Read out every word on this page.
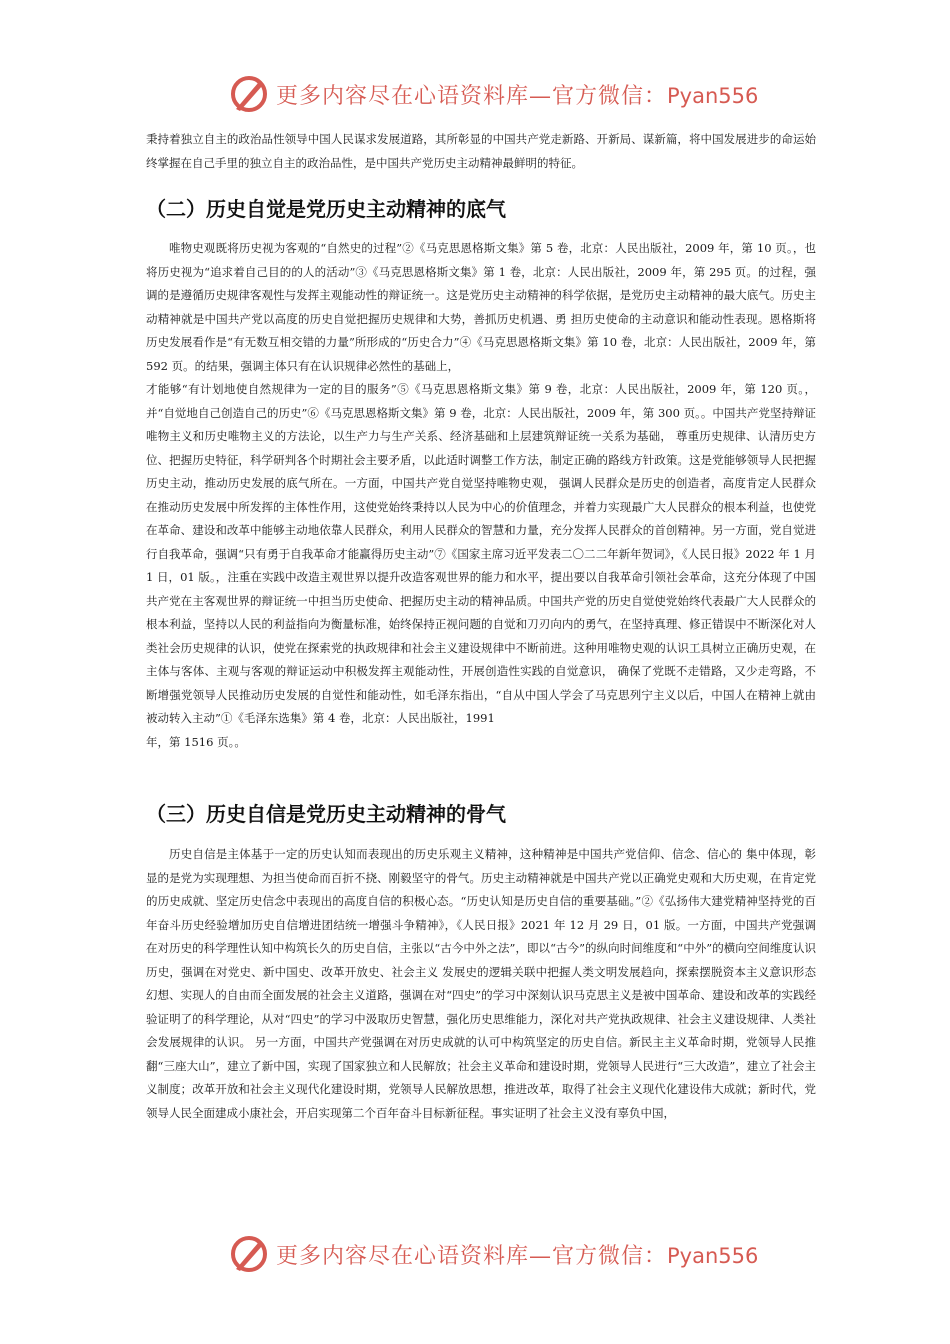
更多内容尽在心语资料库—官方微信：Pyan556

秉持着独立自主的政治品性领导中国人民谋求发展道路，其所彰显的中国共产党走新路、开新局、谋新篇，将中国发展进步的命运始终掌握在自己手里的独立自主的政治品性，是中国共产党历史主动精神最鲜明的特征。

（二）历史自觉是党历史主动精神的底气

唯物史观既将历史视为客观的“自然史的过程”②《马克思恩格斯文集》第 5 卷，北京：人民出版社，2009 年，第 10 页。，也将历史视为“追求着自己目的的人的活动”③《马克思恩格斯文集》第 1 卷，北京：人民出版社，2009 年，第 295 页。的过程，强调的是遵循历史规律客观性与发挥主观能动性的辩证统一。这是党历史主动精神的科学依据，是党历史主动精神的最大底气。历史主动精神就是中国共产党以高度的历史自觉把握历史规律和大势，善抓历史机遇、勇 担历史使命的主动意识和能动性表现。恩格斯将历史发展看作是“有无数互相交错的力量”所形成的“历史合力”④《马克思恩格斯文集》第 10 卷，北京：人民出版社，2009 年，第 592 页。的结果，强调主体只有在认识规律必然性的基础上，

才能够“有计划地使自然规律为一定的目的服务”⑤《马克思恩格斯文集》第 9 卷，北京：人民出版社，2009 年，第 120 页。，并“自觉地自己创造自己的历史”⑥《马克思恩格斯文集》第 9 卷，北京：人民出版社，2009 年，第 300 页。。中国共产党坚持辩证唯物主义和历史唯物主义的方法论，以生产力与生产关系、经济基础和上层建筑辩证统一关系为基础， 尊重历史规律、认清历史方位、把握历史特征，科学研判各个时期社会主要矛盾，以此适时调整工作方法，制定正确的路线方针政策。这是党能够领导人民把握历史主动，推动历史发展的底气所在。一方面，中国共产党自觉坚持唯物史观， 强调人民群众是历史的创造者，高度肯定人民群众在推动历史发展中所发挥的主体性作用，这使党始终秉持以人民为中心的价值理念，并着力实现最广大人民群众的根本利益，也使党在革命、建设和改革中能够主动地依靠人民群众，利用人民群众的智慧和力量，充分发挥人民群众的首创精神。另一方面，党自觉进行自我革命，强调“只有勇于自我革命才能赢得历史主动”⑦《国家主席习近平发表二〇二二年新年贺词》，《人民日报》2022 年 1 月 1 日，01 版。，注重在实践中改造主观世界以提升改造客观世界的能力和水平，提出要以自我革命引领社会革命，这充分体现了中国共产党在主客观世界的辩证统一中担当历史使命、把握历史主动的精神品质。中国共产党的历史自觉使党始终代表最广大人民群众的根本利益，坚持以人民的利益指向为衡量标准，始终保持正视问题的自觉和刀刃向内的勇气，在坚持真理、修正错误中不断深化对人类社会历史规律的认识，使党在探索党的执政规律和社会主义建设规律中不断前进。这种用唯物史观的认识工具树立正确历史观，在主体与客体、主观与客观的辩证运动中积极发挥主观能动性，开展创造性实践的自觉意识， 确保了党既不走错路，又少走弯路，不断增强党领导人民推动历史发展的自觉性和能动性，如毛泽东指出，“自从中国人学会了马克思列宁主义以后，中国人在精神上就由被动转入主动”①《毛泽东选集》第 4 卷，北京：人民出版社，1991

年，第 1516 页。。

（三）历史自信是党历史主动精神的骨气

历史自信是主体基于一定的历史认知而表现出的历史乐观主义精神，这种精神是中国共产党信仰、信念、信心的 集中体现，彰显的是党为实现理想、为担当使命而百折不挠、刚毅坚守的骨气。历史主动精神就是中国共产党以正确党史观和大历史观，在肯定党的历史成就、坚定历史信念中表现出的高度自信的积极心态。“历史认知是历史自信的重要基础。”②《弘扬伟大建党精神坚持党的百年奋斗历史经验增加历史自信增进团结统一增强斗争精神》，《人民日报》2021 年 12 月 29 日，01 版。一方面，中国共产党强调在对历史的科学理性认知中构筑长久的历史自信，主张以“古今中外之法”，即以“古今”的纵向时间维度和“中外”的横向空间维度认识历史，强调在对党史、新中国史、改革开放史、社会主义 发展史的逻辑关联中把握人类文明发展趋向，探索摆脱资本主义意识形态幻想、实现人的自由而全面发展的社会主义道路，强调在对“四史”的学习中深刻认识马克思主义是被中国革命、建设和改革的实践经验证明了的科学理论，从对“四史”的学习中汲取历史智慧，强化历史思维能力，深化对共产党执政规律、社会主义建设规律、人类社会发展规律的认识。 另一方面，中国共产党强调在对历史成就的认可中构筑坚定的历史自信。新民主主义革命时期，党领导人民推翻“三座大山”，建立了新中国，实现了国家独立和人民解放；社会主义革命和建设时期，党领导人民进行“三大改造”，建立了社会主义制度；改革开放和社会主义现代化建设时期，党领导人民解放思想，推进改革，取得了社会主义现代化建设伟大成就；新时代，党领导人民全面建成小康社会，开启实现第二个百年奋斗目标新征程。事实证明了社会主义没有辜负中国，

更多内容尽在心语资料库—官方微信：Pyan556
